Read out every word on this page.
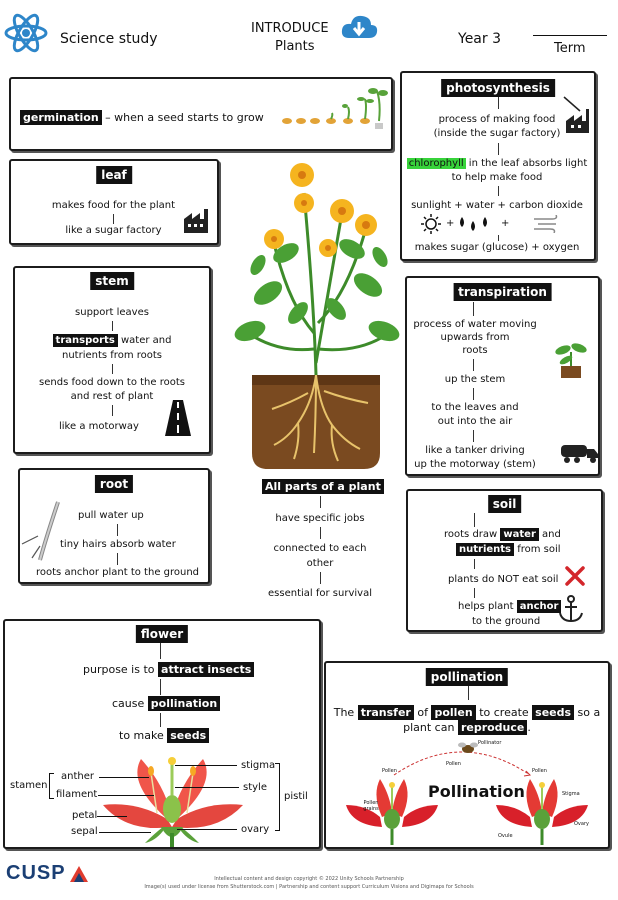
Science study
INTRODUCE
Plants	Year 3
Term
germination – when a seed starts to grow
leaf
makes food for the plant
like a sugar factory
stem
support leaves
transports water and
nutrients from roots
sends food down to the roots
and rest of plant
like a motorway
root
pull water up
tiny hairs absorb water
roots anchor plant to the ground
All parts of a plant
have specific jobs
connected to each
other
essential for survival
photosynthesis
process of making food
(inside the sugar factory)
chlorophyll in the leaf absorbs light
to help make food
sunlight + water + carbon dioxide
+	+
makes sugar (glucose) + oxygen
transpiration
process of water moving
upwards from
roots
up the stem
to the leaves and
out into the air
like a tanker driving
up the motorway (stem)
soil
roots draw water and
nutrients from soil
plants do NOT eat soil
helps plant anchor
to the ground
flower
purpose is to attract insects
cause pollination
to make seeds
stamen
anther
filament
petal
sepal
stigma
style
ovary
pistil
pollination
The transfer of pollen to create seeds so a
plant can reproduce .
Pollination
Pollinator
Pollen
Pollen
Pollen
Pollen grains
Stigma
Ovule
Ovary
CUSP	Intellectual content and design copyright © 2022 Unity Schools Partnership
Image(s) used under license from Shutterstock.com | Partnership and content support Curriculum Visions and Digimaps for Schools
